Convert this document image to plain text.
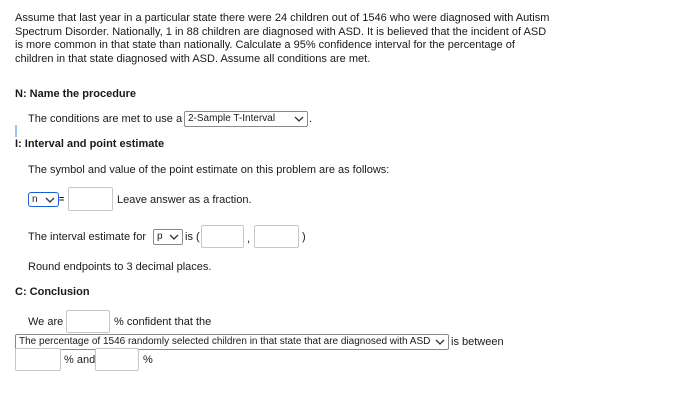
Assume that last year in a particular state there were 24 children out of 1546 who were diagnosed with Autism Spectrum Disorder. Nationally, 1 in 88 children are diagnosed with ASD. It is believed that the incident of ASD is more common in that state than nationally. Calculate a 95% confidence interval for the percentage of children in that state diagnosed with ASD. Assume all conditions are met.
N: Name the procedure
The conditions are met to use a 2-Sample T-Interval	.
I: Interval and point estimate
The symbol and value of the point estimate on this problem are as follows:
n	=	Leave answer as a fraction.
The interval estimate for	p	is (	,	)
Round endpoints to 3 decimal places.
C: Conclusion
We are	% confident that the
The percentage of 1546 randomly selected children in that state that are diagnosed with ASD	is between
% and	%
